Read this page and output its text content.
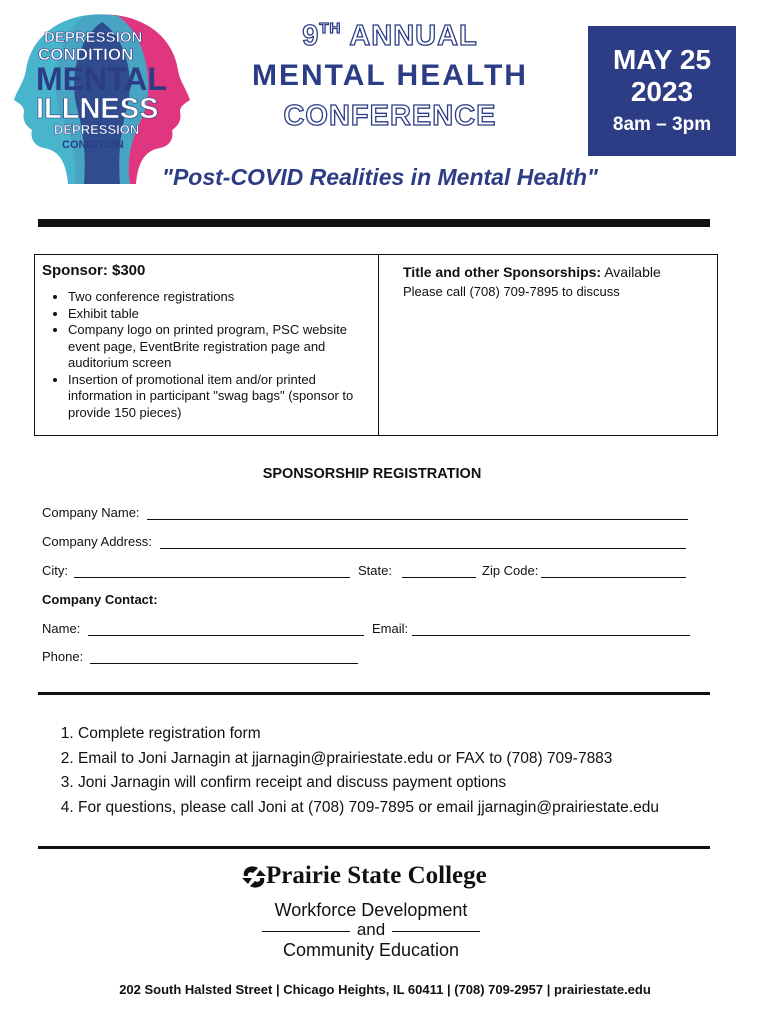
DEPRESSION
CONDITION
MENTAL
ILLNESS
DEPRESSION
CONDITION
9TH ANNUAL
MENTAL HEALTH
CONFERENCE
MAY 25
2023
8am – 3pm
"Post-COVID Realities in Mental Health"
Sponsor: $300
• Two conference registrations
• Exhibit table
• Company logo on printed program, PSC website event page, EventBrite registration page and auditorium screen
• Insertion of promotional item and/or printed information in participant "swag bags" (sponsor to provide 150 pieces)
Title and other Sponsorships: Available
Please call (708) 709-7895 to discuss
SPONSORSHIP REGISTRATION
Company Name:
Company Address:
City:	State:	Zip Code:
Company Contact:
Name:	Email:
Phone:
1. Complete registration form
2. Email to Joni Jarnagin at jjarnagin@prairiestate.edu or FAX to (708) 709-7883
3. Joni Jarnagin will confirm receipt and discuss payment options
4. For questions, please call Joni at (708) 709-7895 or email jjarnagin@prairiestate.edu
Prairie State College
Workforce Development
and
Community Education
202 South Halsted Street | Chicago Heights, IL 60411 | (708) 709-2957 | prairiestate.edu
